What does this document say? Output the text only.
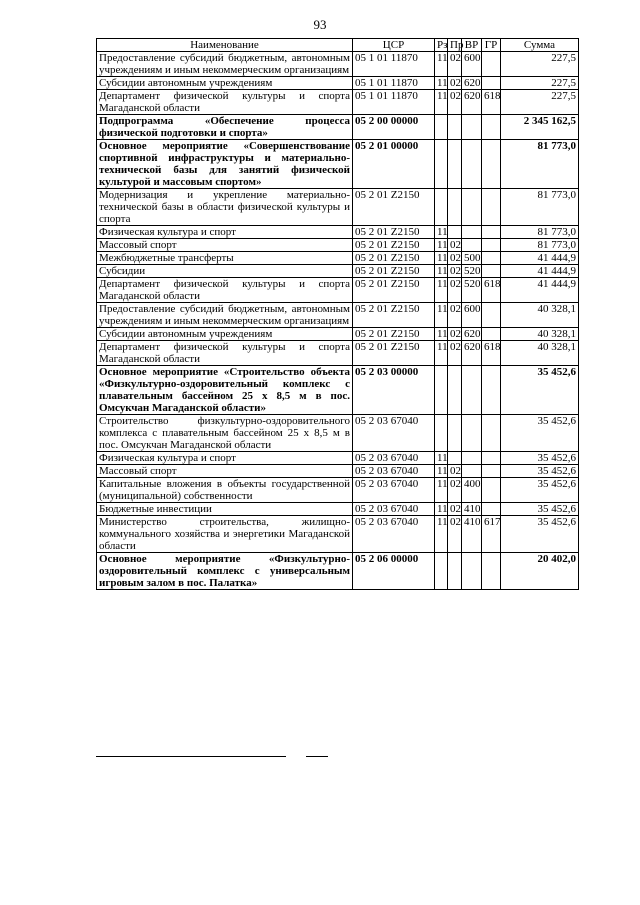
93
Наименование	ЦСР	Рз	Пр	ВР	ГР	Сумма
Предоставление субсидий бюджетным, автономным учреждениям и иным некоммерческим организациям	05 1 01 11870	11	02	600		227,5
Субсидии автономным учреждениям	05 1 01 11870	11	02	620		227,5
Департамент физической культуры и спорта Магаданской области	05 1 01 11870	11	02	620	618	227,5
Подпрограмма «Обеспечение процесса физической подготовки и спорта»	05 2 00 00000					2 345 162,5
Основное мероприятие «Совершенствование спортивной инфраструктуры и материально-технической базы для занятий физической культурой и массовым спортом»	05 2 01 00000					81 773,0
Модернизация и укрепление материально-технической базы в области физической культуры и спорта	05 2 01 Z2150					81 773,0
Физическая культура и спорт	05 2 01 Z2150	11				81 773,0
Массовый спорт	05 2 01 Z2150	11	02			81 773,0
Межбюджетные трансферты	05 2 01 Z2150	11	02	500		41 444,9
Субсидии	05 2 01 Z2150	11	02	520		41 444,9
Департамент физической культуры и спорта Магаданской области	05 2 01 Z2150	11	02	520	618	41 444,9
Предоставление субсидий бюджетным, автономным учреждениям и иным некоммерческим организациям	05 2 01 Z2150	11	02	600		40 328,1
Субсидии автономным учреждениям	05 2 01 Z2150	11	02	620		40 328,1
Департамент физической культуры и спорта Магаданской области	05 2 01 Z2150	11	02	620	618	40 328,1
Основное мероприятие «Строительство объекта «Физкультурно-оздоровительный комплекс с плавательным бассейном 25 х 8,5 м в пос. Омсукчан Магаданской области»	05 2 03 00000					35 452,6
Строительство физкультурно-оздоровительного комплекса с плавательным бассейном 25 х 8,5 м в пос. Омсукчан Магаданской области	05 2 03 67040					35 452,6
Физическая культура и спорт	05 2 03 67040	11				35 452,6
Массовый спорт	05 2 03 67040	11	02			35 452,6
Капитальные вложения в объекты государственной (муниципальной) собственности	05 2 03 67040	11	02	400		35 452,6
Бюджетные инвестиции	05 2 03 67040	11	02	410		35 452,6
Министерство строительства, жилищно-коммунального хозяйства и энергетики Магаданской области	05 2 03 67040	11	02	410	617	35 452,6
Основное мероприятие «Физкультурно-оздоровительный комплекс с универсальным игровым залом в пос. Палатка»	05 2 06 00000					20 402,0
